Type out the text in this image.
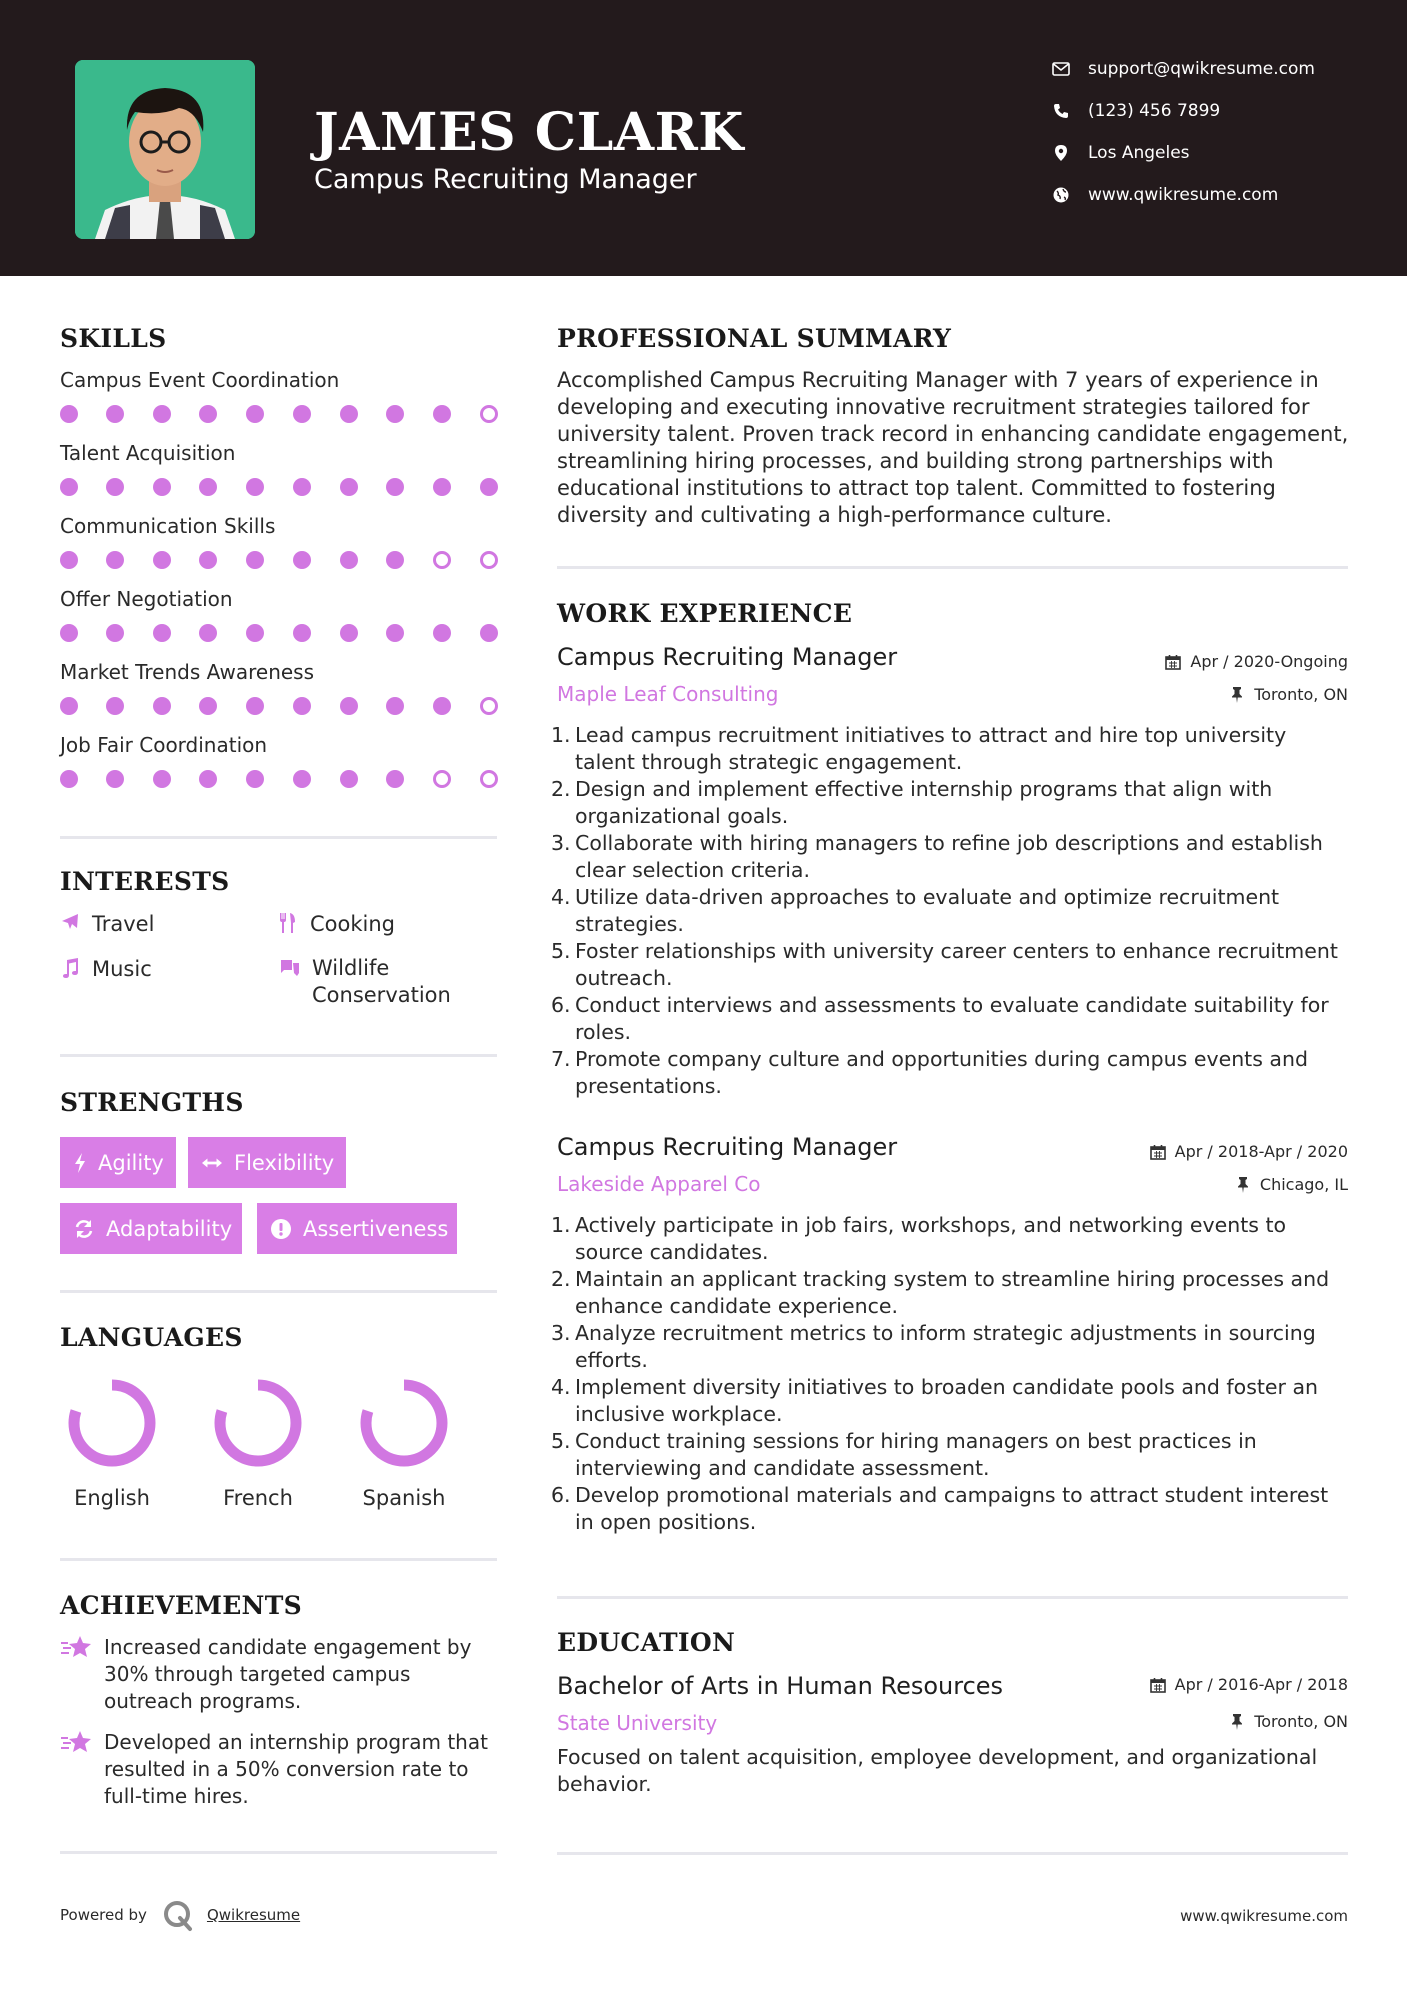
JAMES CLARK
Campus Recruiting Manager
support@qwikresume.com
(123) 456 7899
Los Angeles
www.qwikresume.com
SKILLS
Campus Event Coordination
Talent Acquisition
Communication Skills
Offer Negotiation
Market Trends Awareness
Job Fair Coordination
INTERESTS
Travel	Cooking
Music	Wildlife Conservation
STRENGTHS
Agility	Flexibility
Adaptability	Assertiveness
LANGUAGES
English	French	Spanish
ACHIEVEMENTS
Increased candidate engagement by 30% through targeted campus outreach programs.
Developed an internship program that resulted in a 50% conversion rate to full-time hires.
PROFESSIONAL SUMMARY
Accomplished Campus Recruiting Manager with 7 years of experience in developing and executing innovative recruitment strategies tailored for university talent. Proven track record in enhancing candidate engagement, streamlining hiring processes, and building strong partnerships with educational institutions to attract top talent. Committed to fostering diversity and cultivating a high-performance culture.
WORK EXPERIENCE
Campus Recruiting Manager	Apr / 2020-Ongoing
Maple Leaf Consulting	Toronto, ON
1. Lead campus recruitment initiatives to attract and hire top university talent through strategic engagement.
2. Design and implement effective internship programs that align with organizational goals.
3. Collaborate with hiring managers to refine job descriptions and establish clear selection criteria.
4. Utilize data-driven approaches to evaluate and optimize recruitment strategies.
5. Foster relationships with university career centers to enhance recruitment outreach.
6. Conduct interviews and assessments to evaluate candidate suitability for roles.
7. Promote company culture and opportunities during campus events and presentations.
Campus Recruiting Manager	Apr / 2018-Apr / 2020
Lakeside Apparel Co	Chicago, IL
1. Actively participate in job fairs, workshops, and networking events to source candidates.
2. Maintain an applicant tracking system to streamline hiring processes and enhance candidate experience.
3. Analyze recruitment metrics to inform strategic adjustments in sourcing efforts.
4. Implement diversity initiatives to broaden candidate pools and foster an inclusive workplace.
5. Conduct training sessions for hiring managers on best practices in interviewing and candidate assessment.
6. Develop promotional materials and campaigns to attract student interest in open positions.
EDUCATION
Bachelor of Arts in Human Resources	Apr / 2016-Apr / 2018
State University	Toronto, ON
Focused on talent acquisition, employee development, and organizational behavior.
Powered by	Qwikresume	www.qwikresume.com
